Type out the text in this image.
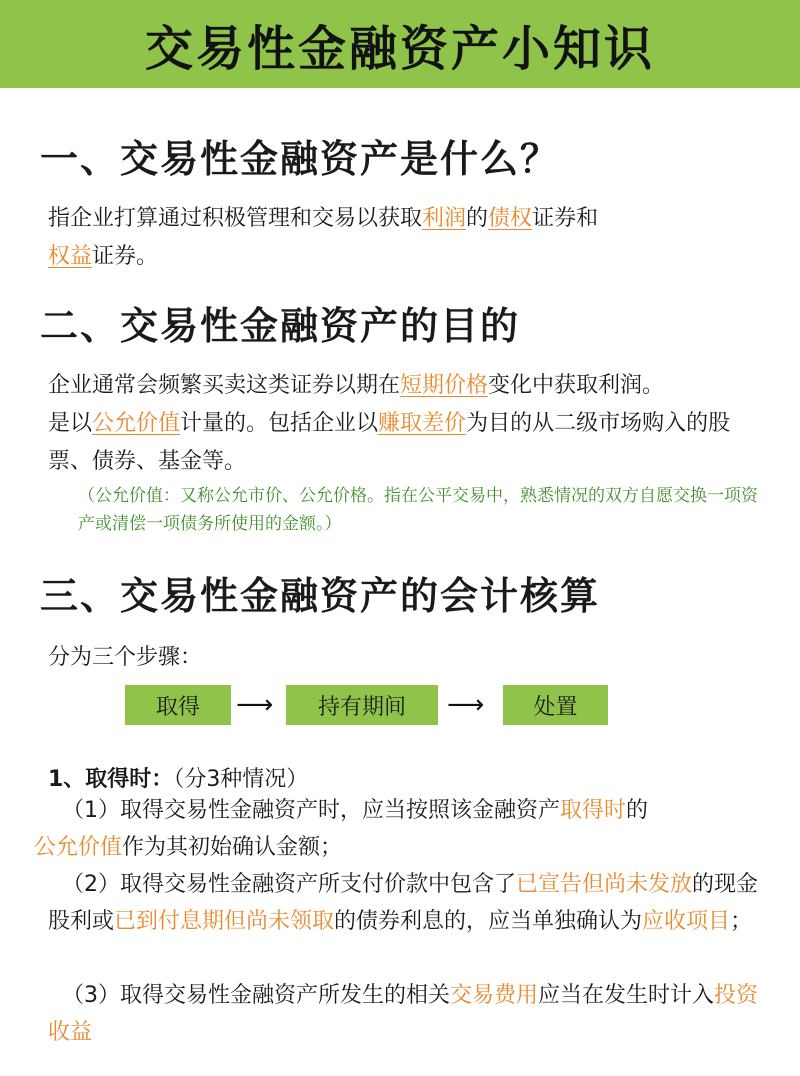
交易性金融资产小知识
一、交易性金融资产是什么？

指企业打算通过积极管理和交易以获取利润的债权证券和
权益证券。

二、交易性金融资产的目的

企业通常会频繁买卖这类证券以期在短期价格变化中获取利润。
是以公允价值计量的。包括企业以赚取差价为目的从二级市场购入的股票、债券、基金等。

（公允价值：又称公允市价、公允价格。指在公平交易中，熟悉情况的双方自愿交换一项资产或清偿一项债务所使用的金额。）

三、交易性金融资产的会计核算
分为三个步骤：
取得	⟶	持有期间	⟶	处置
1、取得时：（分3种情况）

（1）取得交易性金融资产时，应当按照该金融资产取得时的
公允价值作为其初始确认金额；

（2）取得交易性金融资产所支付价款中包含了已宣告但尚未发放的现金股利或已到付息期但尚未领取的债券利息的，应当单独确认为应收项目；

（3）取得交易性金融资产所发生的相关交易费用应当在发生时计入投资收益
